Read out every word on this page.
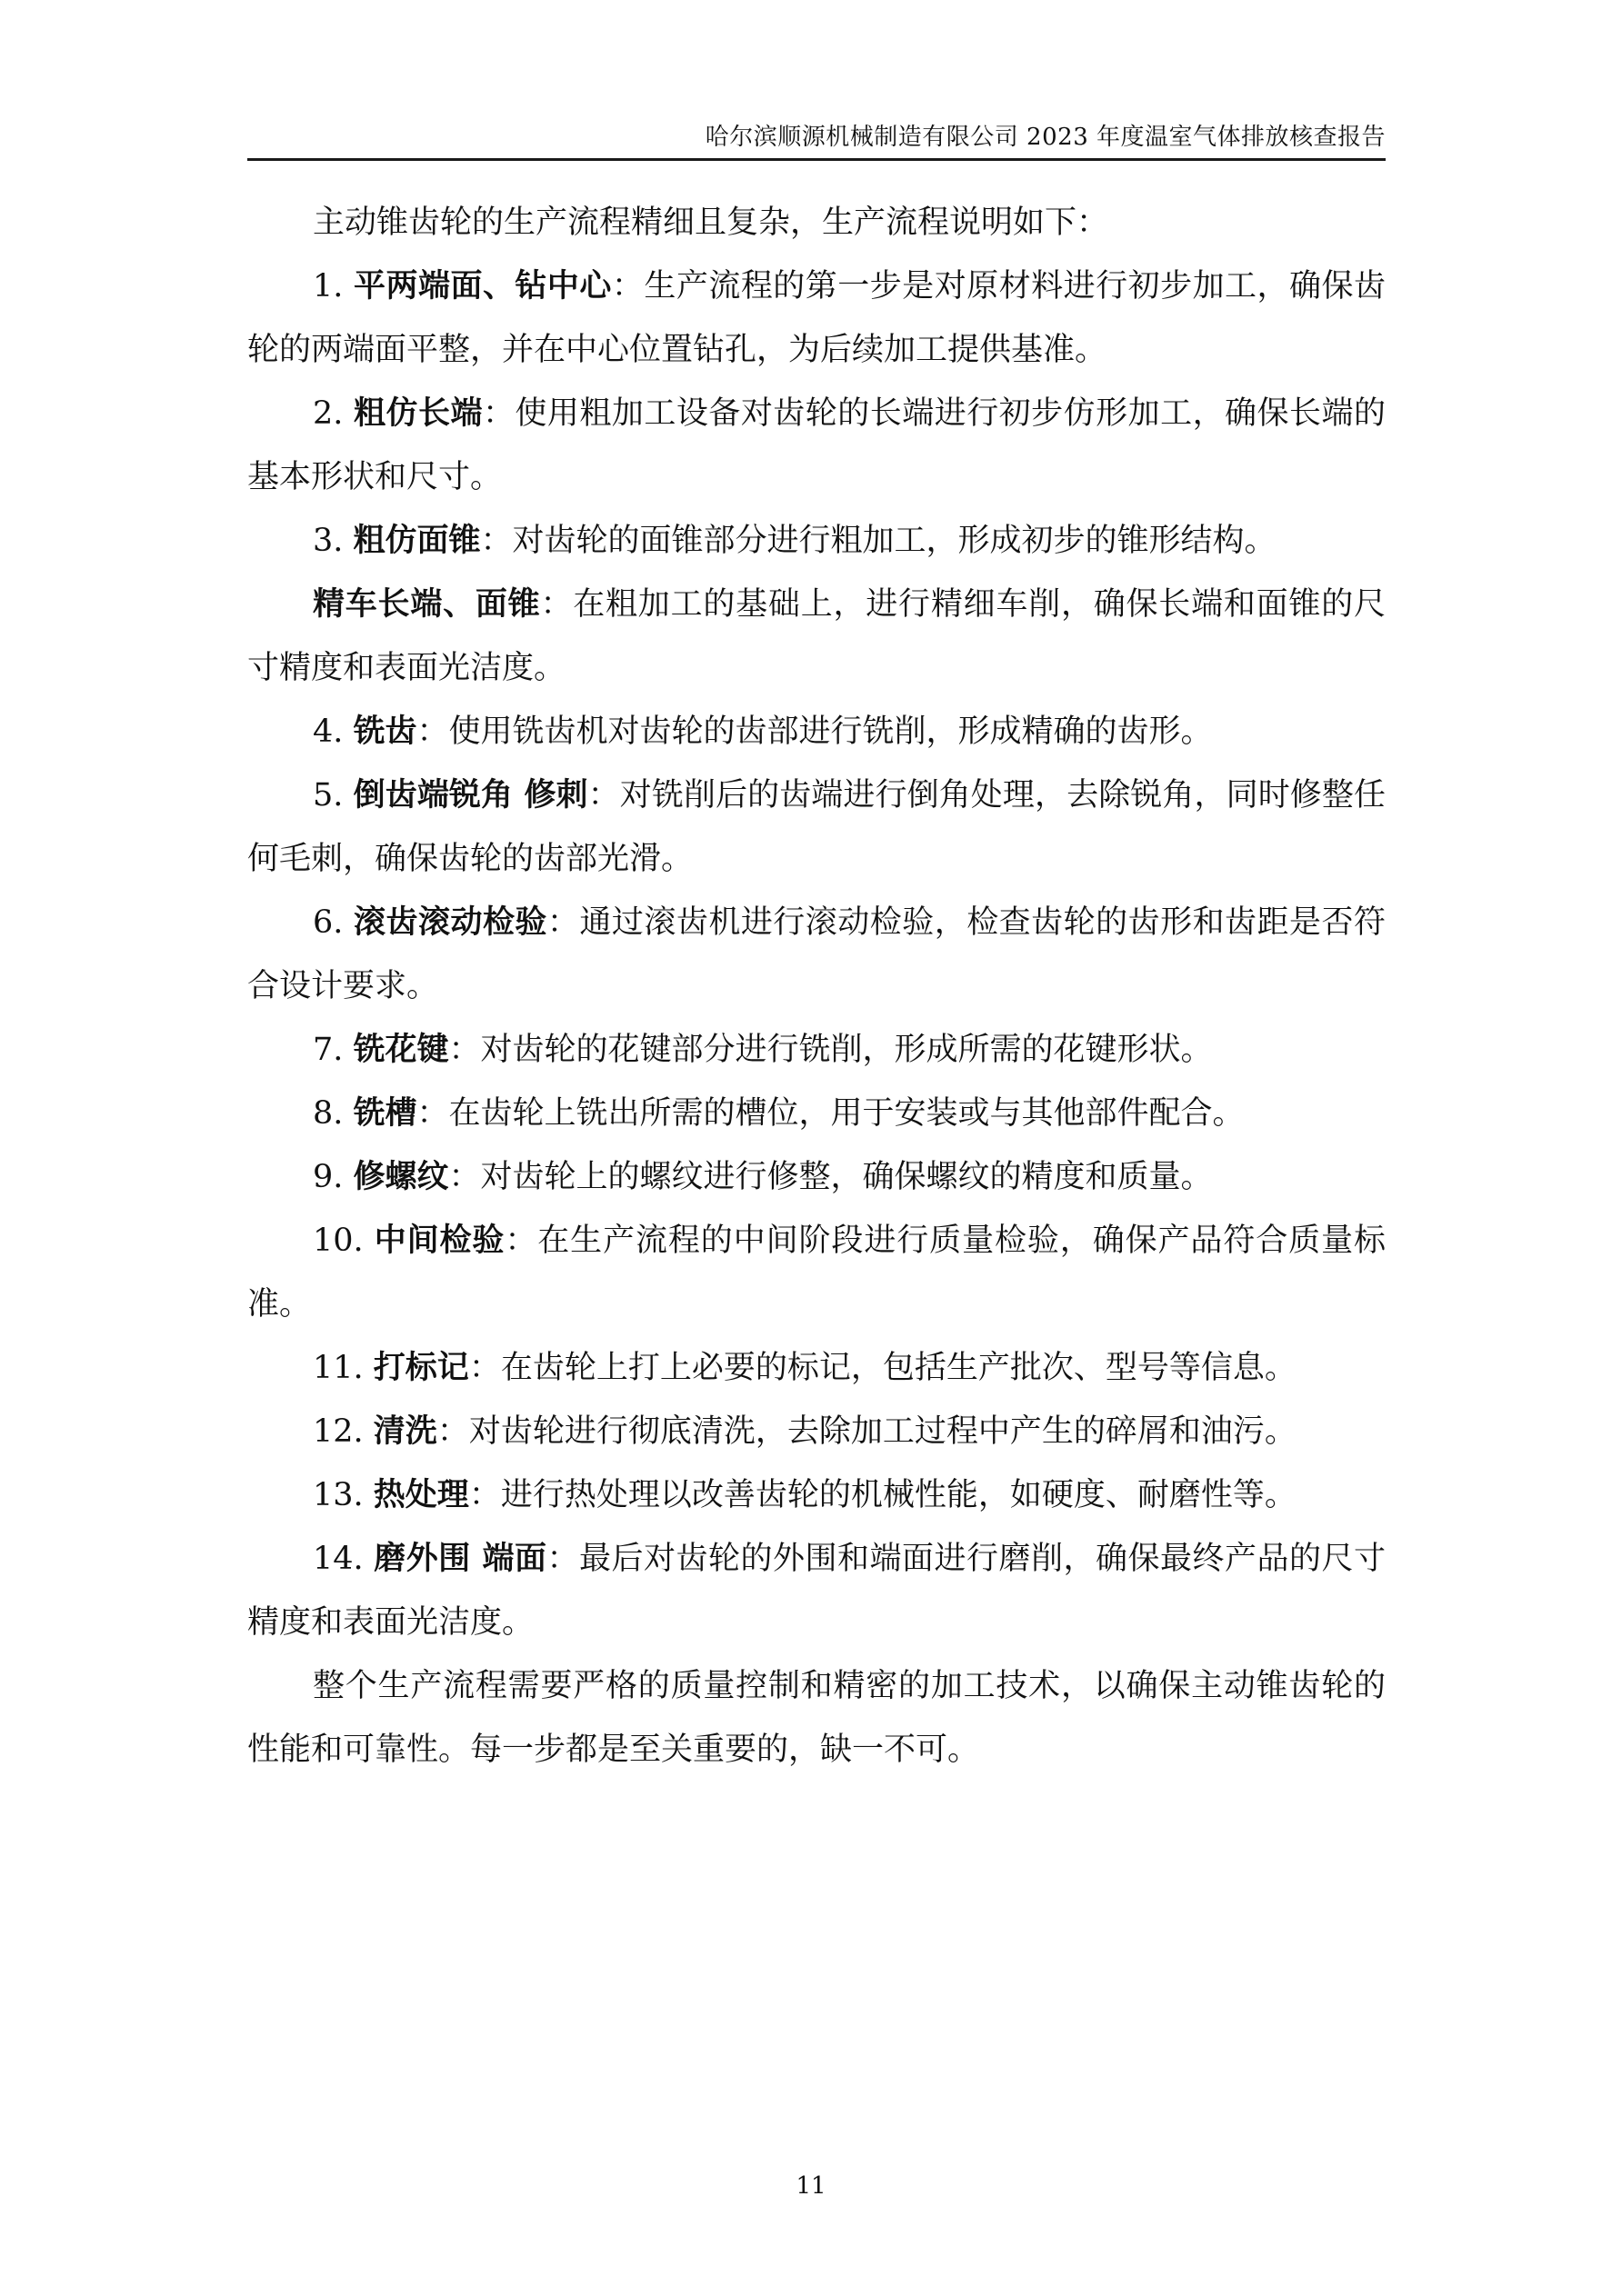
哈尔滨顺源机械制造有限公司 2023 年度温室气体排放核查报告

主动锥齿轮的生产流程精细且复杂，生产流程说明如下：

1. 平两端面、钻中心：生产流程的第一步是对原材料进行初步加工，确保齿轮的两端面平整，并在中心位置钻孔，为后续加工提供基准。

2. 粗仿长端：使用粗加工设备对齿轮的长端进行初步仿形加工，确保长端的基本形状和尺寸。

3. 粗仿面锥：对齿轮的面锥部分进行粗加工，形成初步的锥形结构。

精车长端、面锥：在粗加工的基础上，进行精细车削，确保长端和面锥的尺寸精度和表面光洁度。

4. 铣齿：使用铣齿机对齿轮的齿部进行铣削，形成精确的齿形。

5. 倒齿端锐角 修刺：对铣削后的齿端进行倒角处理，去除锐角，同时修整任何毛刺，确保齿轮的齿部光滑。

6. 滚齿滚动检验：通过滚齿机进行滚动检验，检查齿轮的齿形和齿距是否符合设计要求。

7. 铣花键：对齿轮的花键部分进行铣削，形成所需的花键形状。

8. 铣槽：在齿轮上铣出所需的槽位，用于安装或与其他部件配合。

9. 修螺纹：对齿轮上的螺纹进行修整，确保螺纹的精度和质量。

10. 中间检验：在生产流程的中间阶段进行质量检验，确保产品符合质量标准。

11. 打标记：在齿轮上打上必要的标记，包括生产批次、型号等信息。

12. 清洗：对齿轮进行彻底清洗，去除加工过程中产生的碎屑和油污。

13. 热处理：进行热处理以改善齿轮的机械性能，如硬度、耐磨性等。

14. 磨外围 端面：最后对齿轮的外围和端面进行磨削，确保最终产品的尺寸精度和表面光洁度。

整个生产流程需要严格的质量控制和精密的加工技术，以确保主动锥齿轮的性能和可靠性。每一步都是至关重要的，缺一不可。

11
